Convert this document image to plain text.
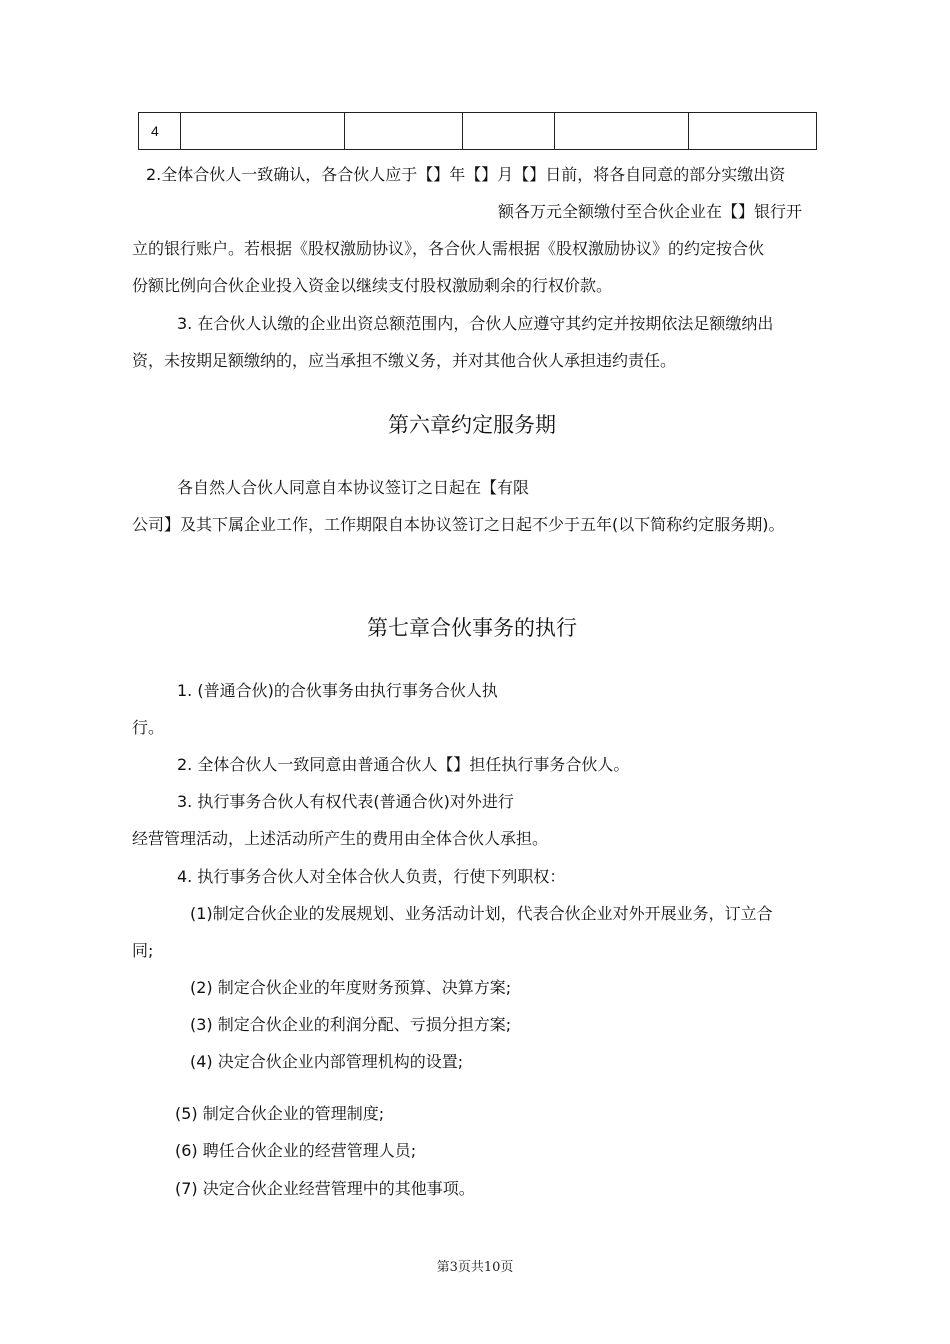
4					
2.全体合伙人一致确认，各合伙人应于【】年【】月【】日前，将各自同意的部分实缴出资
额各万元全额缴付至合伙企业在【】银行开
立的银行账户。若根据《股权激励协议》，各合伙人需根据《股权激励协议》的约定按合伙
份额比例向合伙企业投入资金以继续支付股权激励剩余的行权价款。
3. 在合伙人认缴的企业出资总额范围内，合伙人应遵守其约定并按期依法足额缴纳出
资，未按期足额缴纳的，应当承担不缴义务，并对其他合伙人承担违约责任。
第六章约定服务期
各自然人合伙人同意自本协议签订之日起在【有限
公司】及其下属企业工作，工作期限自本协议签订之日起不少于五年(以下简称约定服务期)。
第七章合伙事务的执行
1. (普通合伙)的合伙事务由执行事务合伙人执
行。
2. 全体合伙人一致同意由普通合伙人【】担任执行事务合伙人。
3. 执行事务合伙人有权代表(普通合伙)对外进行
经营管理活动，上述活动所产生的费用由全体合伙人承担。
4. 执行事务合伙人对全体合伙人负责，行使下列职权：
(1)制定合伙企业的发展规划、业务活动计划，代表合伙企业对外开展业务，订立合
同;
(2) 制定合伙企业的年度财务预算、决算方案;
(3) 制定合伙企业的利润分配、亏损分担方案;
(4) 决定合伙企业内部管理机构的设置;
(5) 制定合伙企业的管理制度;
(6) 聘任合伙企业的经营管理人员;
(7) 决定合伙企业经营管理中的其他事项。
第3页共10页
